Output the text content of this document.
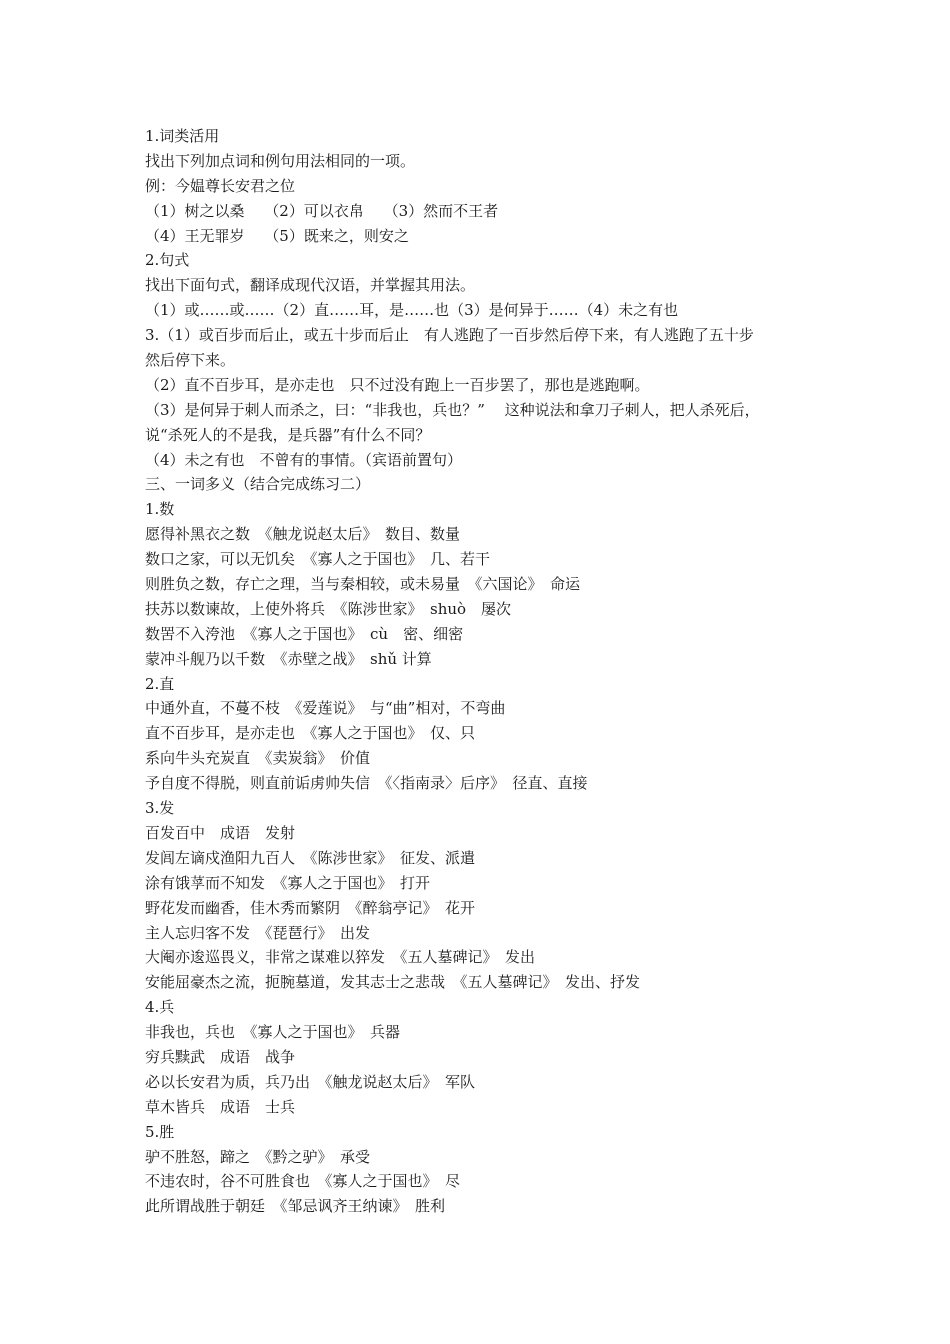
1.词类活用
找出下列加点词和例句用法相同的一项。
例：今媪尊长安君之位
（1）树之以桑　 （2）可以衣帛　 （3）然而不王者
（4）王无罪岁　 （5）既来之，则安之
2.句式
找出下面句式，翻译成现代汉语，并掌握其用法。
（1）或……或……（2）直……耳，是……也（3）是何异于……（4）未之有也
3.（1）或百步而后止，或五十步而后止　有人逃跑了一百步然后停下来，有人逃跑了五十步
然后停下来。
（2）直不百步耳，是亦走也　只不过没有跑上一百步罢了，那也是逃跑啊。
（3）是何异于刺人而杀之，曰：“非我也，兵也？”　 这种说法和拿刀子刺人，把人杀死后，
说“杀死人的不是我，是兵器”有什么不同？
（4）未之有也　不曾有的事情。（宾语前置句）
三、一词多义（结合完成练习二）
1.数
愿得补黑衣之数　《触龙说赵太后》　数目、数量
数口之家，可以无饥矣　《寡人之于国也》　几、若干
则胜负之数，存亡之理，当与秦相较，或未易量　《六国论》　命运
扶苏以数谏故，上使外将兵　《陈涉世家》　shuò　屡次
数罟不入洿池　《寡人之于国也》　cù　密、细密
蒙冲斗舰乃以千数　《赤壁之战》　shǔ 计算
2.直
中通外直，不蔓不枝　《爱莲说》　与“曲”相对，不弯曲
直不百步耳，是亦走也　《寡人之于国也》　仅、只
系向牛头充炭直　《卖炭翁》　价值
予自度不得脱，则直前诟虏帅失信　《〈指南录〉后序》　径直、直接
3.发
百发百中　成语　发射
发闾左谪戍渔阳九百人　《陈涉世家》　征发、派遣
涂有饿莩而不知发　《寡人之于国也》　打开
野花发而幽香，佳木秀而繁阴　《醉翁亭记》　花开
主人忘归客不发　《琵琶行》　出发
大阉亦逡巡畏义，非常之谋难以猝发　《五人墓碑记》　发出
安能屈豪杰之流，扼腕墓道，发其志士之悲哉　《五人墓碑记》　发出、抒发
4.兵
非我也，兵也　《寡人之于国也》　兵器
穷兵黩武　成语　战争
必以长安君为质，兵乃出　《触龙说赵太后》　军队
草木皆兵　成语　士兵
5.胜
驴不胜怒，蹄之　《黔之驴》　承受
不违农时，谷不可胜食也　《寡人之于国也》　尽
此所谓战胜于朝廷　《邹忌讽齐王纳谏》　胜利
